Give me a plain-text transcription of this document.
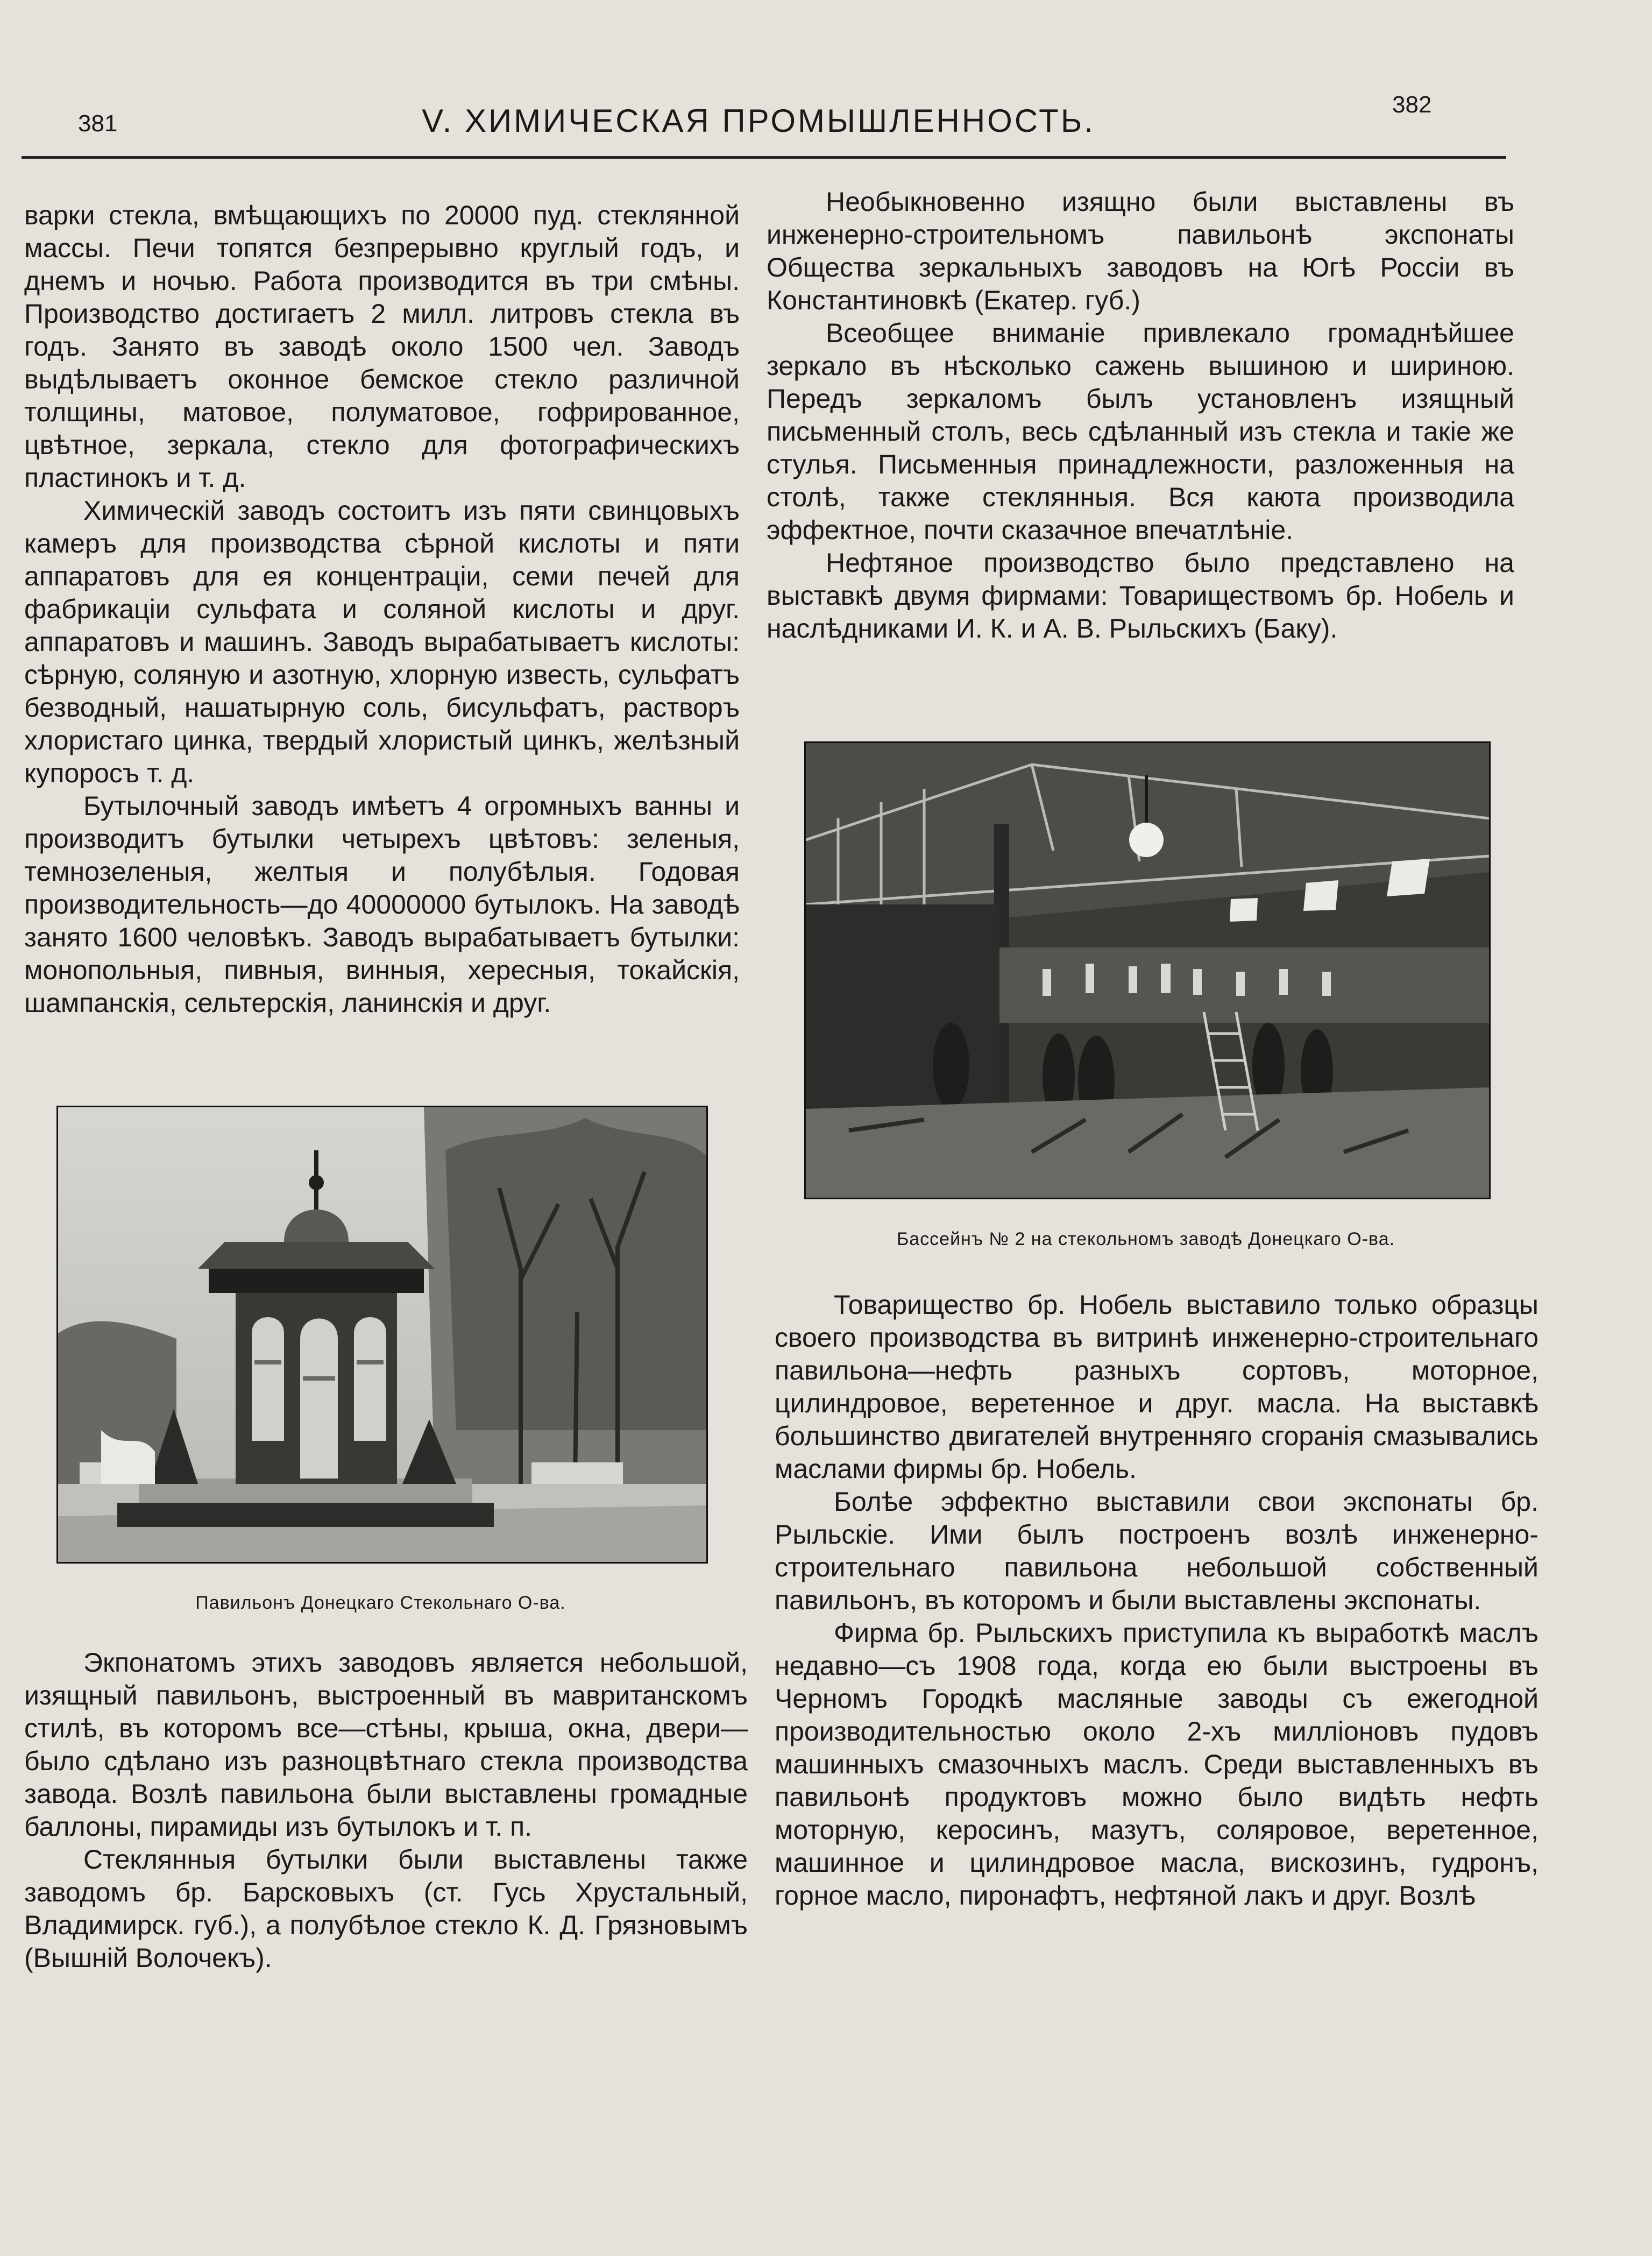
381	V. ХИМИЧЕСКАЯ ПРОМЫШЛЕННОСТЬ.	382

варки стекла, вмѣщающихъ по 20000 пуд. стеклянной массы. Печи топятся безпрерывно круглый годъ, и днемъ и ночью. Работа производится въ три смѣны. Производство достигаетъ 2 милл. литровъ стекла въ годъ. Занято въ заводѣ около 1500 чел. Заводъ выдѣлываетъ оконное бемское стекло различной толщины, матовое, полуматовое, гофрированное, цвѣтное, зеркала, стекло для фотографическихъ пластинокъ и т. д.

Химическій заводъ состоитъ изъ пяти свинцовыхъ камеръ для производства сѣрной кислоты и пяти аппаратовъ для ея концентраціи, семи печей для фабрикаціи сульфата и соляной кислоты и друг. аппаратовъ и машинъ. Заводъ вырабатываетъ кислоты: сѣрную, соляную и азотную, хлорную известь, сульфатъ безводный, нашатырную соль, бисульфатъ, растворъ хлористаго цинка, твердый хлористый цинкъ, желѣзный купоросъ т. д.

Бутылочный заводъ имѣетъ 4 огромныхъ ванны и производитъ бутылки четырехъ цвѣтовъ: зеленыя, темнозеленыя, желтыя и полубѣлыя. Годовая производительность—до 40000000 бутылокъ. На заводѣ занято 1600 человѣкъ. Заводъ вырабатываетъ бутылки: монопольныя, пивныя, винныя, хересныя, токайскія, шампанскія, сельтерскія, ланинскія и друг.

Павильонъ Донецкаго Стекольнаго О-ва.

Экпонатомъ этихъ заводовъ является небольшой, изящный павильонъ, выстроенный въ мавританскомъ стилѣ, въ которомъ все—стѣны, крыша, окна, двери—было сдѣлано изъ разноцвѣтнаго стекла производства завода. Возлѣ павильона были выставлены громадные баллоны, пирамиды изъ бутылокъ и т. п.

Стеклянныя бутылки были выставлены также заводомъ бр. Барсковыхъ (ст. Гусь Хрустальный, Владимирск. губ.), а полубѣлое стекло К. Д. Грязновымъ (Вышній Волочекъ).

Необыкновенно изящно были выставлены въ инженерно-строительномъ павильонѣ экспонаты Общества зеркальныхъ заводовъ на Югѣ Россіи въ Константиновкѣ (Екатер. губ.)

Всеобщее вниманіе привлекало громаднѣйшее зеркало въ нѣсколько сажень вышиною и шириною. Передъ зеркаломъ былъ установленъ изящный письменный столъ, весь сдѣланный изъ стекла и такіе же стулья. Письменныя принадлежности, разложенныя на столѣ, также стеклянныя. Вся каюта производила эффектное, почти сказачное впечатлѣніе.

Нефтяное производство было представлено на выставкѣ двумя фирмами: Товариществомъ бр. Нобель и наслѣдниками И. К. и А. В. Рыльскихъ (Баку).

Бассейнъ № 2 на стекольномъ заводѣ Донецкаго О-ва.

Товарищество бр. Нобель выставило только образцы своего производства въ витринѣ инженерно-строительнаго павильона—нефть разныхъ сортовъ, моторное, цилиндровое, веретенное и друг. масла. На выставкѣ большинство двигателей внутренняго сгоранія смазывались маслами фирмы бр. Нобель.

Болѣе эффектно выставили свои экспонаты бр. Рыльскіе. Ими былъ построенъ возлѣ инженерно-строительнаго павильона небольшой собственный павильонъ, въ которомъ и были выставлены экспонаты.

Фирма бр. Рыльскихъ приступила къ выработкѣ маслъ недавно—съ 1908 года, когда ею были выстроены въ Черномъ Городкѣ масляные заводы съ ежегодной производительностью около 2-хъ милліоновъ пудовъ машинныхъ смазочныхъ маслъ. Среди выставленныхъ въ павильонѣ продуктовъ можно было видѣть нефть моторную, керосинъ, мазутъ, соляровое, веретенное, машинное и цилиндровое масла, вискозинъ, гудронъ, горное масло, пиронафтъ, нефтяной лакъ и друг. Возлѣ
